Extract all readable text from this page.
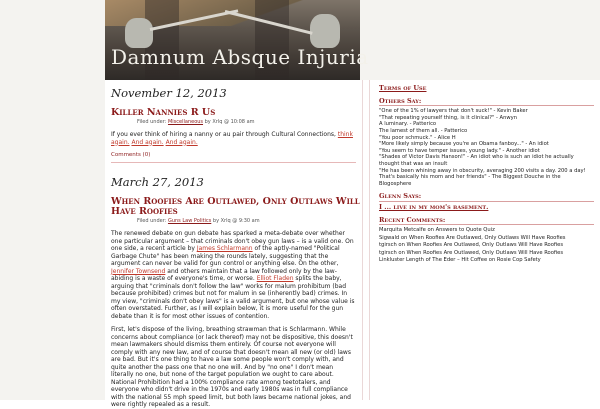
Damnum Absque Injuria
November 12, 2013
Killer Nannies R Us
Filed under: Miscellaneous by Xrlq @ 10:08 am

If you ever think of hiring a nanny or au pair through Cultural Connections, think again. And again. And again.

Comments (0)
March 27, 2013
When Roofies Are Outlawed, Only Outlaws Will Have Roofies
Filed under: Guns Law Politics by Xrlq @ 9:30 am

The renewed debate on gun debate has sparked a meta-debate over whether one particular argument – that criminals don't obey gun laws – is a valid one. On one side, a recent article by James Schlarmann of the aptly-named "Political Garbage Chute" has been making the rounds lately, suggesting that the argument can never be valid for gun control or anything else. On the other, Jennifer Townsend and others maintain that a law followed only by the law-abiding is a waste of everyone's time, or worse. Elliot Fladen splits the baby, arguing that "criminals don't follow the law" works for malum prohibitum (bad because prohibited) crimes but not for malum in se (inherently bad) crimes. In my view, "criminals don't obey laws" is a valid argument, but one whose value is often overstated. Further, as I will explain below, it is more useful for the gun debate than it is for most other issues of contention.

First, let's dispose of the living, breathing strawman that is Schlarmann. While concerns about compliance (or lack thereof) may not be dispositive, this doesn't mean lawmakers should dismiss them entirely. Of course not everyone will comply with any new law, and of course that doesn't mean all new (or old) laws are bad. But it's one thing to have a law some people won't comply with, and quite another the pass one that no one will. And by "no one" I don't mean literally no one, but none of the target population we ought to care about. National Prohibition had a 100% compliance rate among teetotalers, and everyone who didn't drive in the 1970s and early 1980s was in full compliance with the national 55 mph speed limit, but both laws became national jokes, and were rightly repealed as a result.

Terms of Use
Others Say:
"One of the 1% of lawyers that don't suck!" - Kevin Baker
"That repeating yourself thing, is it clinical?" - Anwyn
A luminary. - Patterico
The lamest of them all. - Patterico
"You poor schmuck." - Alice H
"More likely simply because you're an Obama fanboy..." - An idiot
"You seem to have temper issues, young lady." - Another idiot
"Shades of Victor Davis Hanson!" - An idiot who is such an idiot he actually thought that was an insult
"He has been whining away in obscurity, averaging 200 visits a day. 200 a day! That's basically his mom and her friends" - The Biggest Douche in the Blogosphere
Glenn Says:
I ... live in my mom's basement.
Recent Comments:
Marquita Metcalfe on Answers to Quote Quiz
Sigwald on When Roofies Are Outlawed, Only Outlaws Will Have Roofies
tgirsch on When Roofies Are Outlawed, Only Outlaws Will Have Roofies
tgirsch on When Roofies Are Outlawed, Only Outlaws Will Have Roofies
Linkluster Length of The Eder – Hit Coffee on Rosie Cop Safety
